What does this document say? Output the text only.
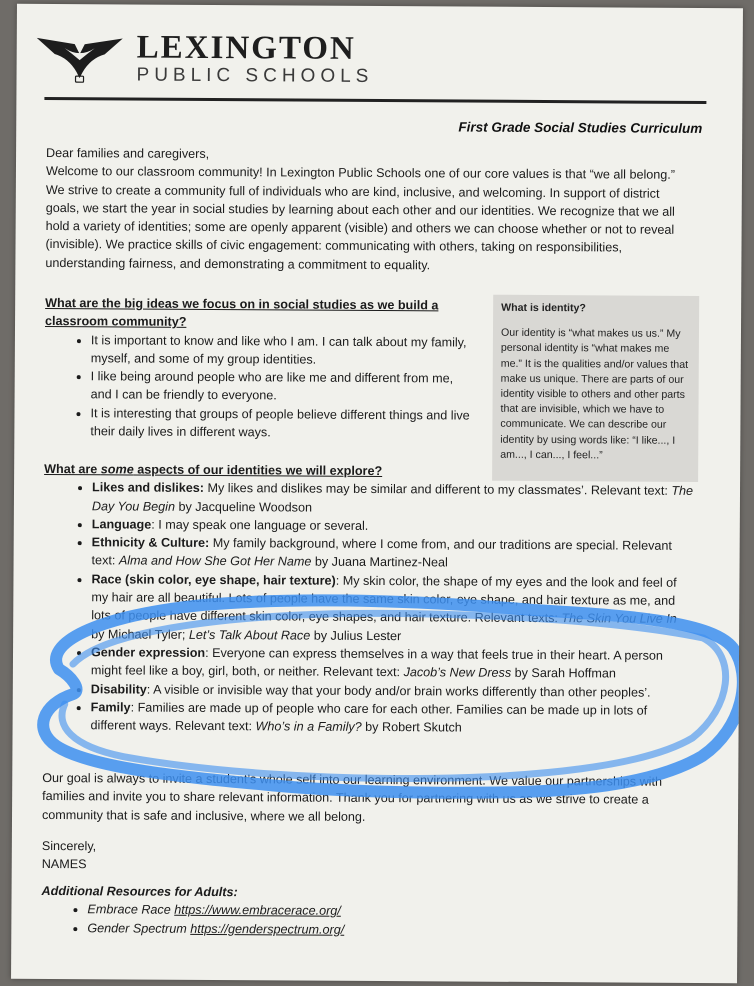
LEXINGTON
PUBLIC SCHOOLS
First Grade Social Studies Curriculum
Dear families and caregivers,
Welcome to our classroom community! In Lexington Public Schools one of our core values is that “we all belong.” We strive to create a community full of individuals who are kind, inclusive, and welcoming. In support of district goals, we start the year in social studies by learning about each other and our identities. We recognize that we all hold a variety of identities; some are openly apparent (visible) and others we can choose whether or not to reveal (invisible). We practice skills of civic engagement: communicating with others, taking on responsibilities, understanding fairness, and demonstrating a commitment to equality.
What are the big ideas we focus on in social studies as we build a classroom community?
• It is important to know and like who I am. I can talk about my family, myself, and some of my group identities.
• I like being around people who are like me and different from me, and I can be friendly to everyone.
• It is interesting that groups of people believe different things and live their daily lives in different ways.
What is identity?
Our identity is “what makes us us.” My personal identity is “what makes me me.” It is the qualities and/or values that make us unique. There are parts of our identity visible to others and other parts that are invisible, which we have to communicate. We can describe our identity by using words like: “I like..., I am..., I can..., I feel...”
What are some aspects of our identities we will explore?
• Likes and dislikes: My likes and dislikes may be similar and different to my classmates’. Relevant text: The Day You Begin by Jacqueline Woodson
• Language: I may speak one language or several.
• Ethnicity & Culture: My family background, where I come from, and our traditions are special. Relevant text: Alma and How She Got Her Name by Juana Martinez-Neal
• Race (skin color, eye shape, hair texture): My skin color, the shape of my eyes and the look and feel of my hair are all beautiful. Lots of people have the same skin color, eye shape, and hair texture as me, and lots of people have different skin color, eye shapes, and hair texture. Relevant texts: The Skin You Live In by Michael Tyler; Let’s Talk About Race by Julius Lester
• Gender expression: Everyone can express themselves in a way that feels true in their heart. A person might feel like a boy, girl, both, or neither. Relevant text: Jacob’s New Dress by Sarah Hoffman
• Disability: A visible or invisible way that your body and/or brain works differently than other peoples’.
• Family: Families are made up of people who care for each other. Families can be made up in lots of different ways. Relevant text: Who’s in a Family? by Robert Skutch
Our goal is always to invite a student’s whole self into our learning environment. We value our partnerships with families and invite you to share relevant information. Thank you for partnering with us as we strive to create a community that is safe and inclusive, where we all belong.
Sincerely,
NAMES
Additional Resources for Adults:
• Embrace Race https://www.embracerace.org/
• Gender Spectrum https://genderspectrum.org/
